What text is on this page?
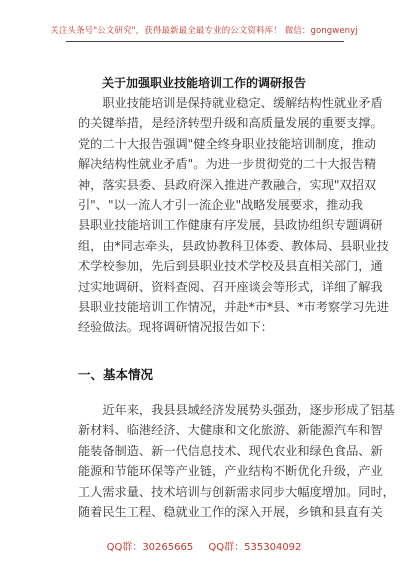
关注头条号"公文研究"，获得最新最全最专业的公文资料库！ 微信：gongwenyj
关于加强职业技能培训工作的调研报告
　　职业技能培训是保持就业稳定、缓解结构性就业矛盾
的关键举措，是经济转型升级和高质量发展的重要支撑。
党的二十大报告强调"健全终身职业技能培训制度，推动
解决结构性就业矛盾"。为进一步贯彻党的二十大报告精
神，落实县委、县政府深入推进产教融合，实现"双招双
引"、"以一流人才引一流企业"战略发展要求，推动我
县职业技能培训工作健康有序发展，县政协组织专题调研
组，由*同志牵头，县政协教科卫体委、教体局、县职业技
术学校参加，先后到县职业技术学校及县直相关部门，通
过实地调研、资料查阅、召开座谈会等形式，详细了解我
县职业技能培训工作情况，并赴*市*县、*市考察学习先进
经验做法。现将调研情况报告如下：
一、基本情况
　　近年来，我县县域经济发展势头强劲，逐步形成了铝基
新材料、临港经济、大健康和文化旅游、新能源汽车和智
能装备制造、新一代信息技术、现代农业和绿色食品、新
能源和节能环保等产业链，产业结构不断优化升级，产业
工人需求量、技术培训与创新需求同步大幅度增加。同时，
随着民生工程、稳就业工作的深入开展，乡镇和县直有关
QQ群：30265665 QQ群：535304092
